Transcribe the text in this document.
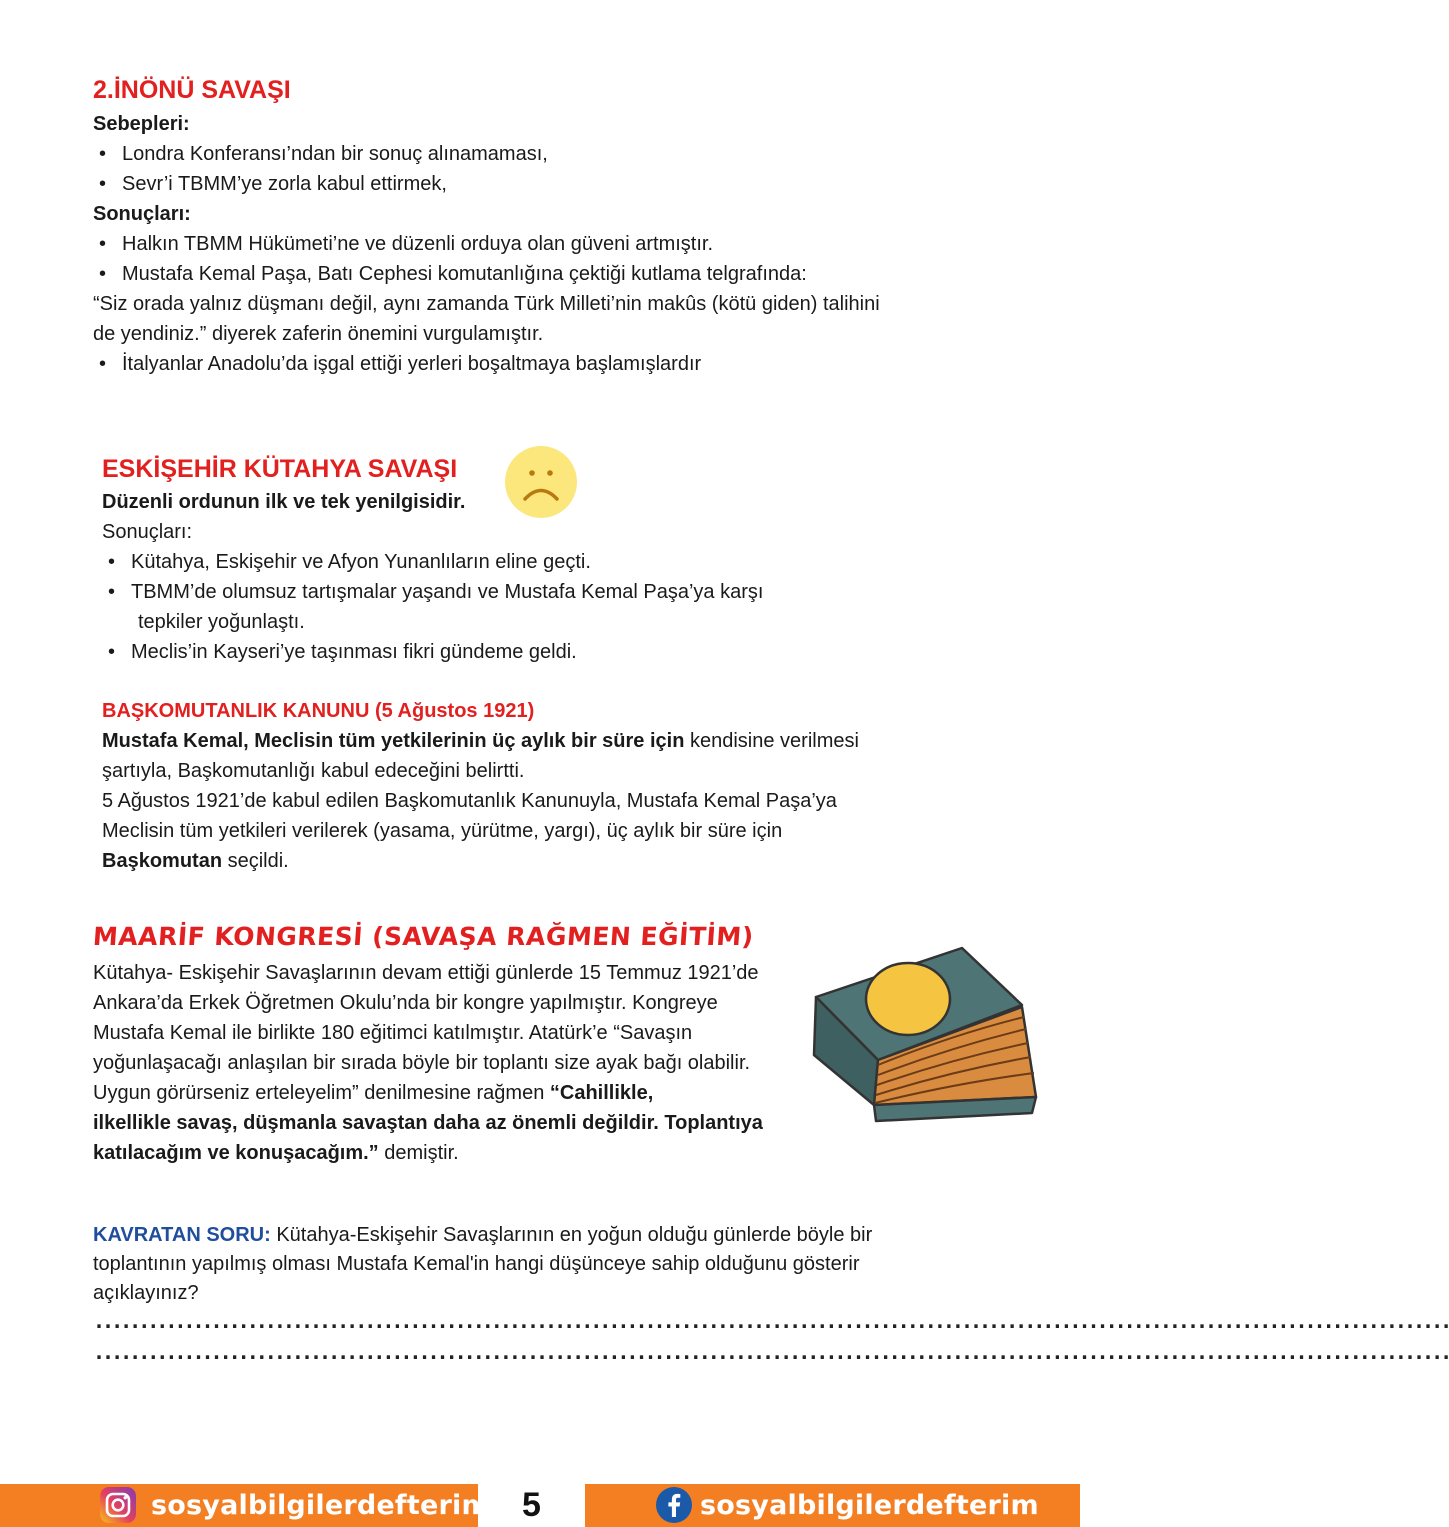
2.İNÖNÜ SAVAŞI
Sebepleri:
• Londra Konferansı’ndan bir sonuç alınamaması,
• Sevr’i TBMM’ye zorla kabul ettirmek,
Sonuçları:
• Halkın TBMM Hükümeti’ne ve düzenli orduya olan güveni artmıştır.
• Mustafa Kemal Paşa, Batı Cephesi komutanlığına çektiği kutlama telgrafında:
“Siz orada yalnız düşmanı değil, aynı zamanda Türk Milleti’nin makûs (kötü giden) talihini
de yendiniz.” diyerek zaferin önemini vurgulamıştır.
• İtalyanlar Anadolu’da işgal ettiği yerleri boşaltmaya başlamışlardır
ESKİŞEHİR KÜTAHYA SAVAŞI
Düzenli ordunun ilk ve tek yenilgisidir.
Sonuçları:
• Kütahya, Eskişehir ve Afyon Yunanlıların eline geçti.
• TBMM’de olumsuz tartışmalar yaşandı ve Mustafa Kemal Paşa’ya karşı
tepkiler yoğunlaştı.
• Meclis’in Kayseri’ye taşınması fikri gündeme geldi.
BAŞKOMUTANLIK KANUNU (5 Ağustos 1921)
Mustafa Kemal, Meclisin tüm yetkilerinin üç aylık bir süre için kendisine verilmesi
şartıyla, Başkomutanlığı kabul edeceğini belirtti.
5 Ağustos 1921’de kabul edilen Başkomutanlık Kanunuyla, Mustafa Kemal Paşa’ya
Meclisin tüm yetkileri verilerek (yasama, yürütme, yargı), üç aylık bir süre için
Başkomutan seçildi.
MAARİF KONGRESİ (SAVAŞA RAĞMEN EĞİTİM)
Kütahya- Eskişehir Savaşlarının devam ettiği günlerde 15 Temmuz 1921’de
Ankara’da Erkek Öğretmen Okulu’nda bir kongre yapılmıştır. Kongreye
Mustafa Kemal ile birlikte 180 eğitimci katılmıştır. Atatürk’e “Savaşın
yoğunlaşacağı anlaşılan bir sırada böyle bir toplantı size ayak bağı olabilir.
Uygun görürseniz erteleyelim” denilmesine rağmen “Cahillikle,
ilkellikle savaş, düşmanla savaştan daha az önemli değildir. Toplantıya
katılacağım ve konuşacağım.” demiştir.
KAVRATAN SORU: Kütahya-Eskişehir Savaşlarının en yoğun olduğu günlerde böyle bir
toplantının yapılmış olması Mustafa Kemal'in hangi düşünceye sahip olduğunu gösterir
açıklayınız?
......................................................................................................................................................
......................................................................................................................................................
sosyalbilgilerdefterim 5	sosyalbilgilerdefterim
